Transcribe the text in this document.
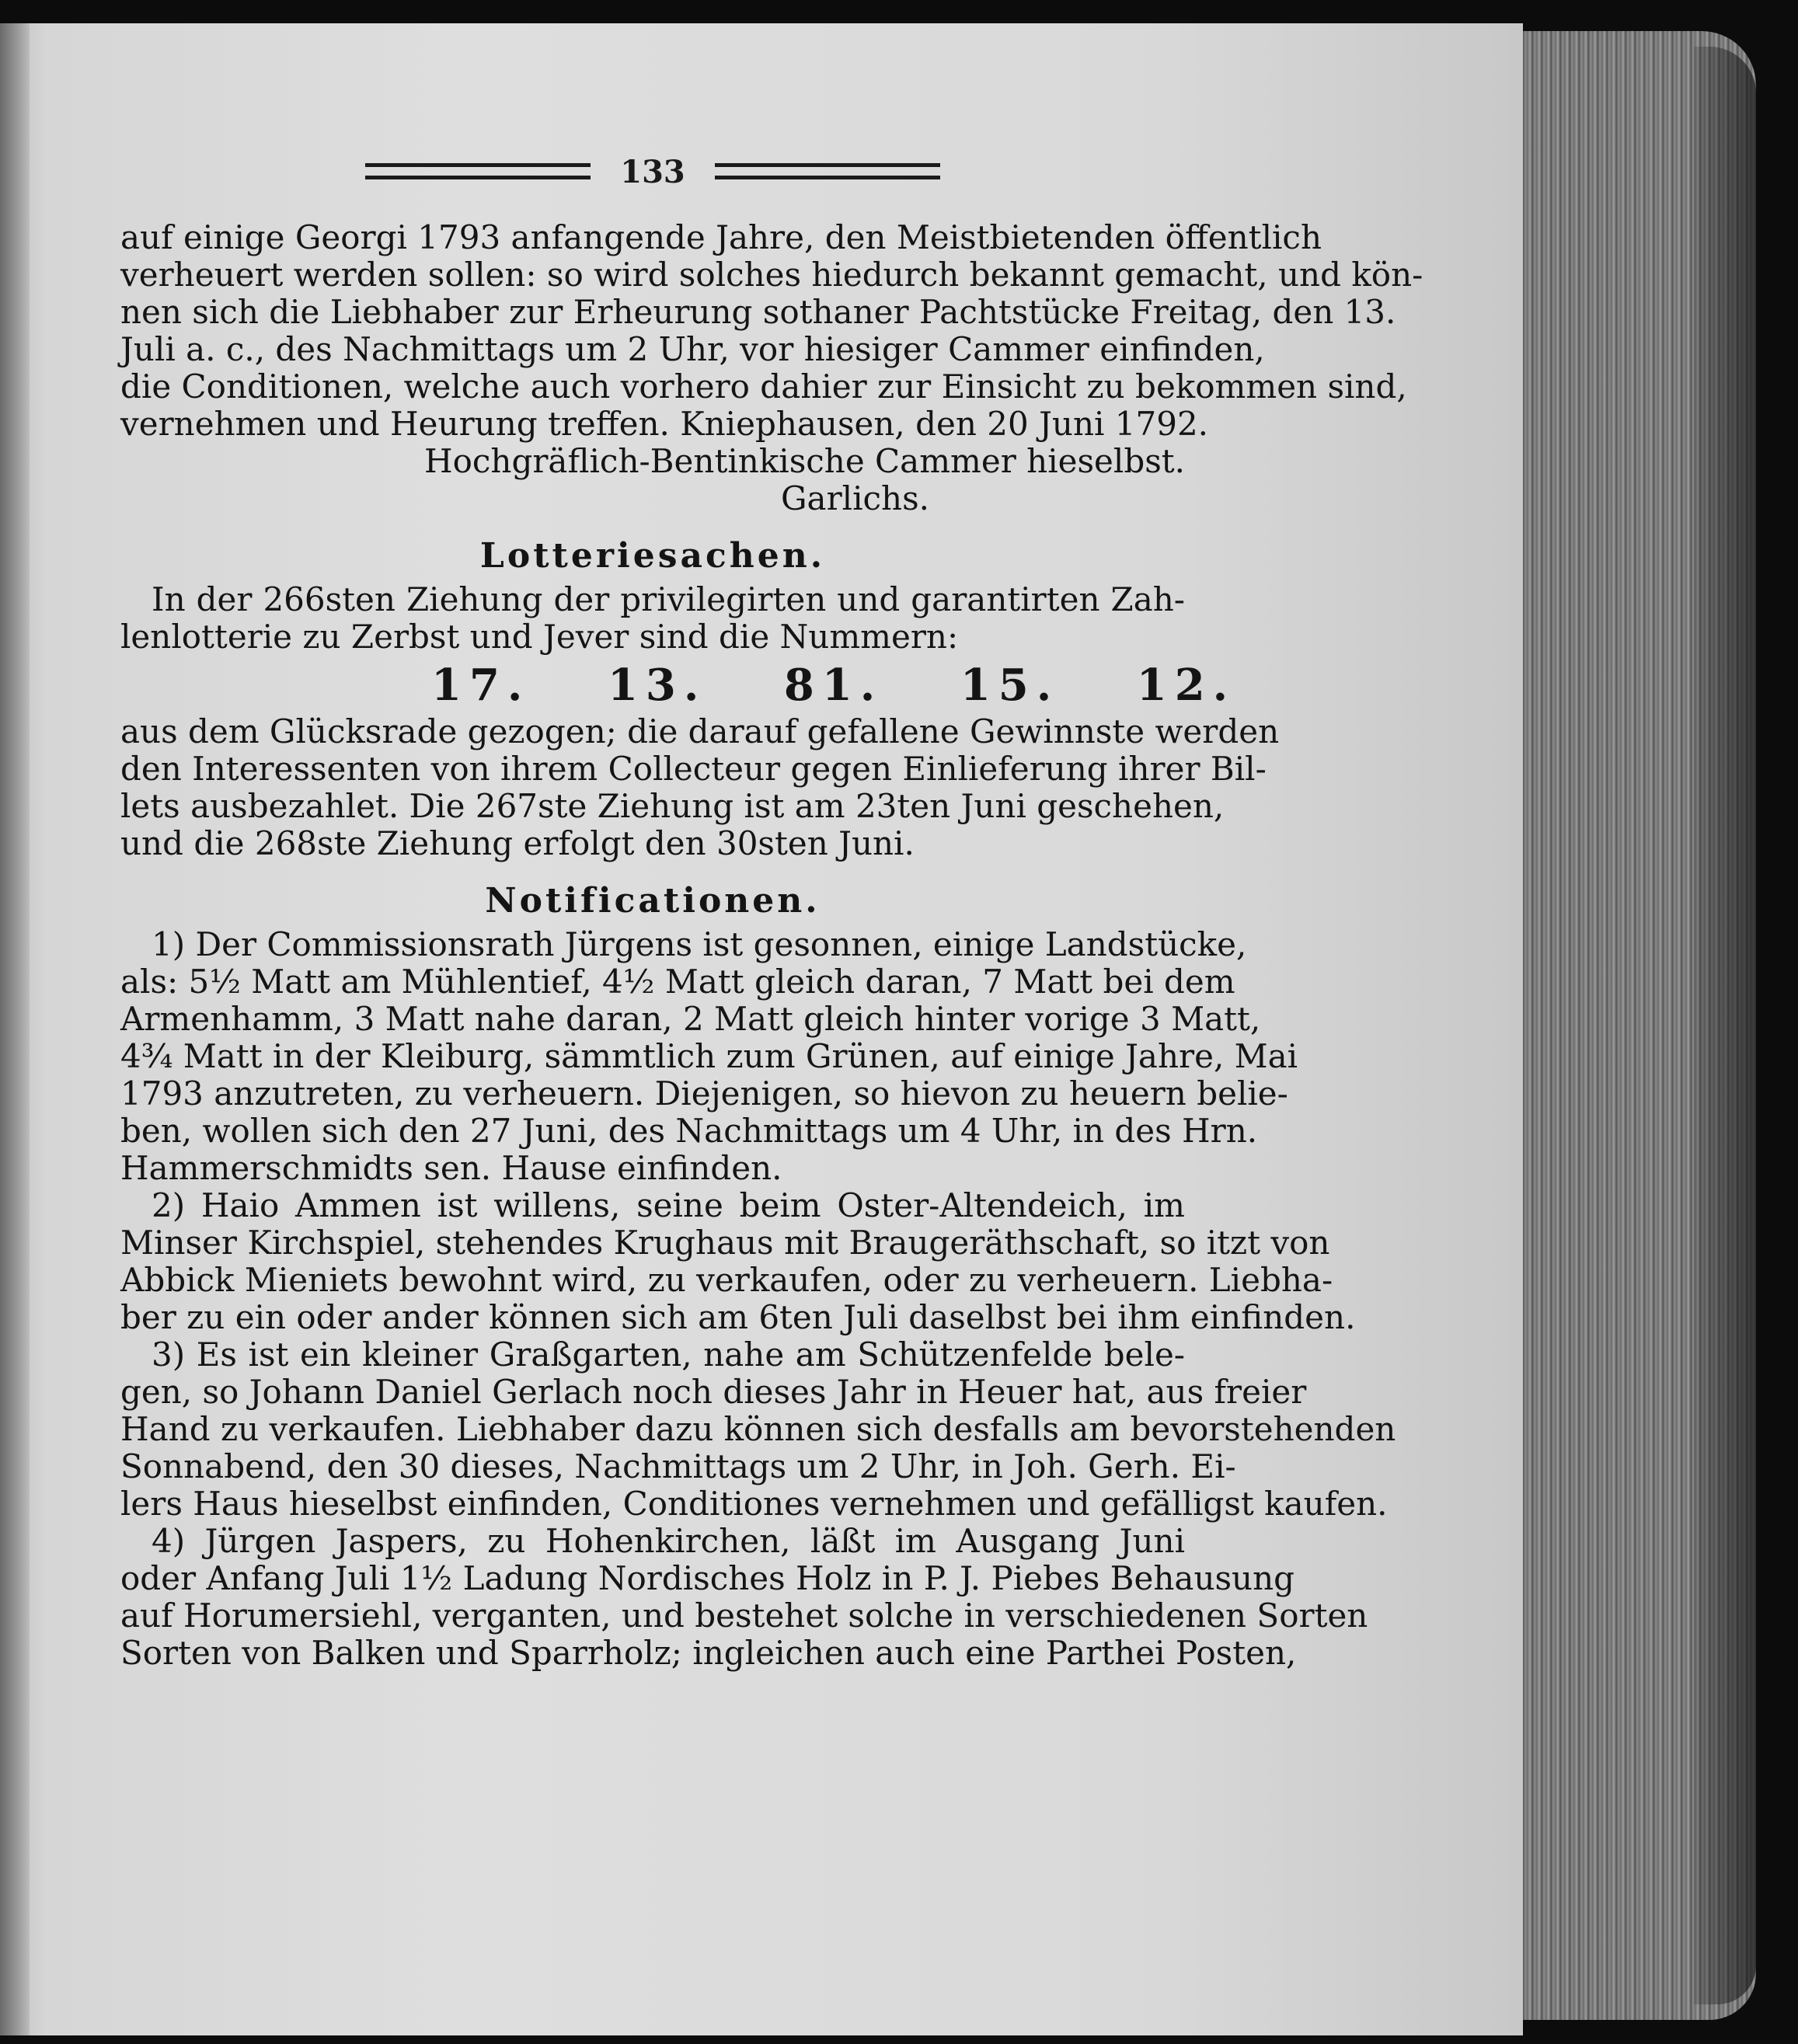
133
auf einige Georgi 1793 anfangende Jahre, den Meistbietenden öffentlich
verheuert werden sollen: so wird solches hiedurch bekannt gemacht, und kön-
nen sich die Liebhaber zur Erheurung sothaner Pachtstücke Freitag, den 13.
Juli a. c., des Nachmittags um 2 Uhr, vor hiesiger Cammer einfinden,
die Conditionen, welche auch vorhero dahier zur Einsicht zu bekommen sind,
vernehmen und Heurung treffen. Kniephausen, den 20 Juni 1792.
Hochgräflich-Bentinkische Cammer hieselbst.
Garlichs.
Lotteriesachen.
In der 266sten Ziehung der privilegirten und garantirten Zah-
lenlotterie zu Zerbst und Jever sind die Nummern:
17. 13. 81. 15. 12.
aus dem Glücksrade gezogen; die darauf gefallene Gewinnste werden
den Interessenten von ihrem Collecteur gegen Einlieferung ihrer Bil-
lets ausbezahlet. Die 267ste Ziehung ist am 23ten Juni geschehen,
und die 268ste Ziehung erfolgt den 30sten Juni.
Notificationen.
1) Der Commissionsrath Jürgens ist gesonnen, einige Landstücke,
als: 5½ Matt am Mühlentief, 4½ Matt gleich daran, 7 Matt bei dem
Armenhamm, 3 Matt nahe daran, 2 Matt gleich hinter vorige 3 Matt,
4¾ Matt in der Kleiburg, sämmtlich zum Grünen, auf einige Jahre, Mai
1793 anzutreten, zu verheuern. Diejenigen, so hievon zu heuern belie-
ben, wollen sich den 27 Juni, des Nachmittags um 4 Uhr, in des Hrn.
Hammerschmidts sen. Hause einfinden.
2) Haio Ammen ist willens, seine beim Oster-Altendeich, im
Minser Kirchspiel, stehendes Krughaus mit Braugeräthschaft, so itzt von
Abbick Mieniets bewohnt wird, zu verkaufen, oder zu verheuern. Liebha-
ber zu ein oder ander können sich am 6ten Juli daselbst bei ihm einfinden.
3) Es ist ein kleiner Graßgarten, nahe am Schützenfelde bele-
gen, so Johann Daniel Gerlach noch dieses Jahr in Heuer hat, aus freier
Hand zu verkaufen. Liebhaber dazu können sich desfalls am bevorstehenden
Sonnabend, den 30 dieses, Nachmittags um 2 Uhr, in Joh. Gerh. Ei-
lers Haus hieselbst einfinden, Conditiones vernehmen und gefälligst kaufen.
4) Jürgen Jaspers, zu Hohenkirchen, läßt im Ausgang Juni
oder Anfang Juli 1½ Ladung Nordisches Holz in P. J. Piebes Behausung
auf Horumersiehl, verganten, und bestehet solche in verschiedenen Sorten
Sorten von Balken und Sparrholz; ingleichen auch eine Parthei Posten,
